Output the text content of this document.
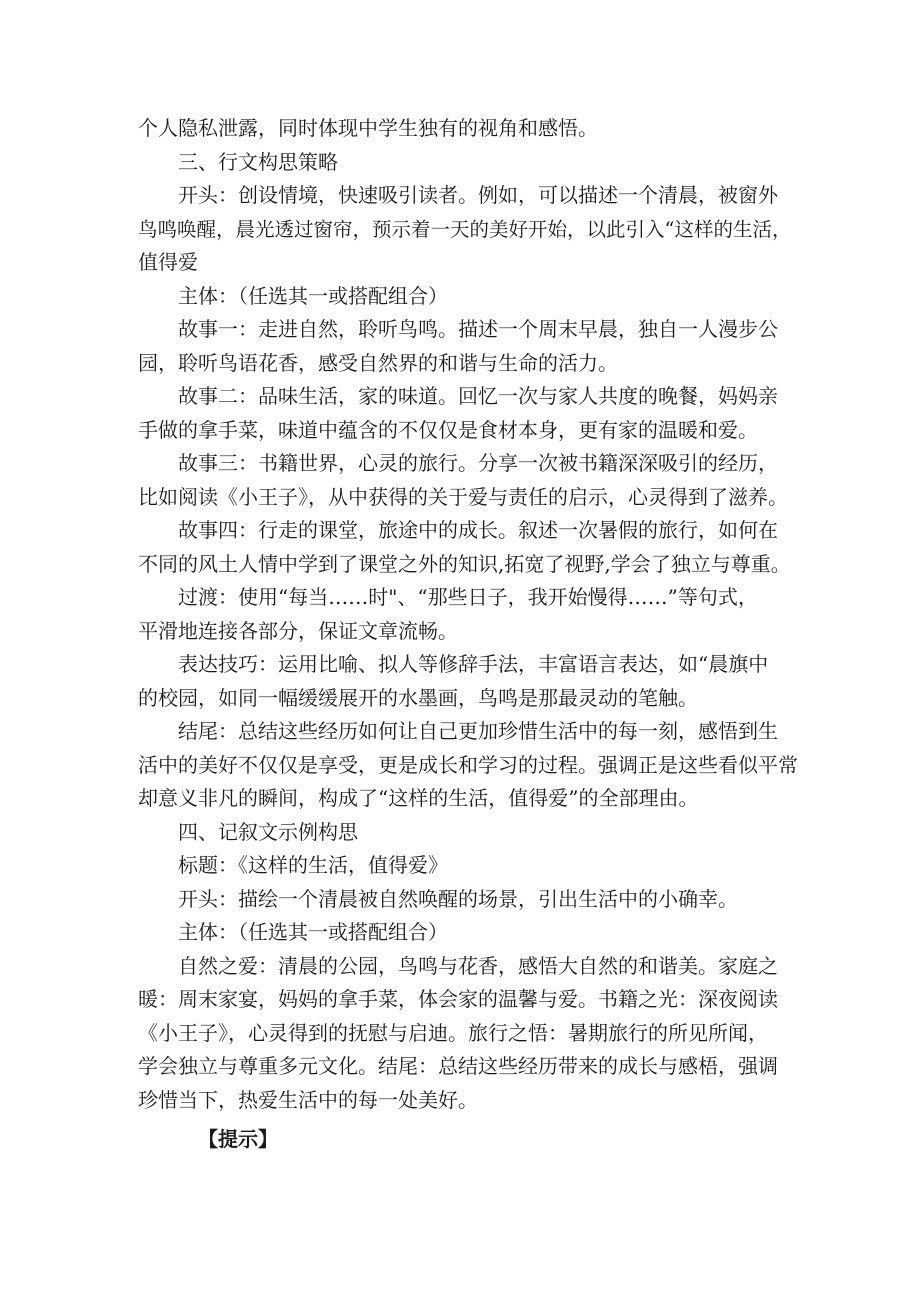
个人隐私泄露，同时体现中学生独有的视角和感悟。
三、行文构思策略
开头：创设情境，快速吸引读者。例如，可以描述一个清晨，被窗外
鸟鸣唤醒，晨光透过窗帘，预示着一天的美好开始，以此引入“这样的生活，
值得爱
主体：（任选其一或搭配组合）
故事一：走进自然，聆听鸟鸣。描述一个周末早晨，独自一人漫步公
园，聆听鸟语花香，感受自然界的和谐与生命的活力。
故事二：品味生活，家的味道。回忆一次与家人共度的晚餐，妈妈亲
手做的拿手菜，味道中蕴含的不仅仅是食材本身，更有家的温暖和爱。
故事三：书籍世界，心灵的旅行。分享一次被书籍深深吸引的经历，
比如阅读《小王子》，从中获得的关于爱与责任的启示，心灵得到了滋养。
故事四：行走的课堂，旅途中的成长。叙述一次暑假的旅行，如何在
不同的风土人情中学到了课堂之外的知识,拓宽了视野,学会了独立与尊重。
过渡：使用“每当……时"、“那些日子，我开始慢得……”等句式，
平滑地连接各部分，保证文章流畅。
表达技巧：运用比喻、拟人等修辞手法，丰富语言表达，如“晨旗中
的校园，如同一幅缓缓展开的水墨画，鸟鸣是那最灵动的笔触。
结尾：总结这些经历如何让自己更加珍惜生活中的每一刻，感悟到生
活中的美好不仅仅是享受，更是成长和学习的过程。强调正是这些看似平常
却意义非凡的瞬间，构成了“这样的生活，值得爱”的全部理由。
四、记叙文示例构思
标题：《这样的生活，值得爱》
开头：描绘一个清晨被自然唤醒的场景，引出生活中的小确幸。
主体：（任选其一或搭配组合）
自然之爱：清晨的公园，鸟鸣与花香，感悟大自然的和谐美。家庭之
暖：周末家宴，妈妈的拿手菜，体会家的温馨与爱。书籍之光：深夜阅读
《小王子》，心灵得到的抚慰与启迪。旅行之悟：暑期旅行的所见所闻，
学会独立与尊重多元文化。结尾：总结这些经历带来的成长与感梧，强调
珍惜当下，热爱生活中的每一处美好。
【提示】
